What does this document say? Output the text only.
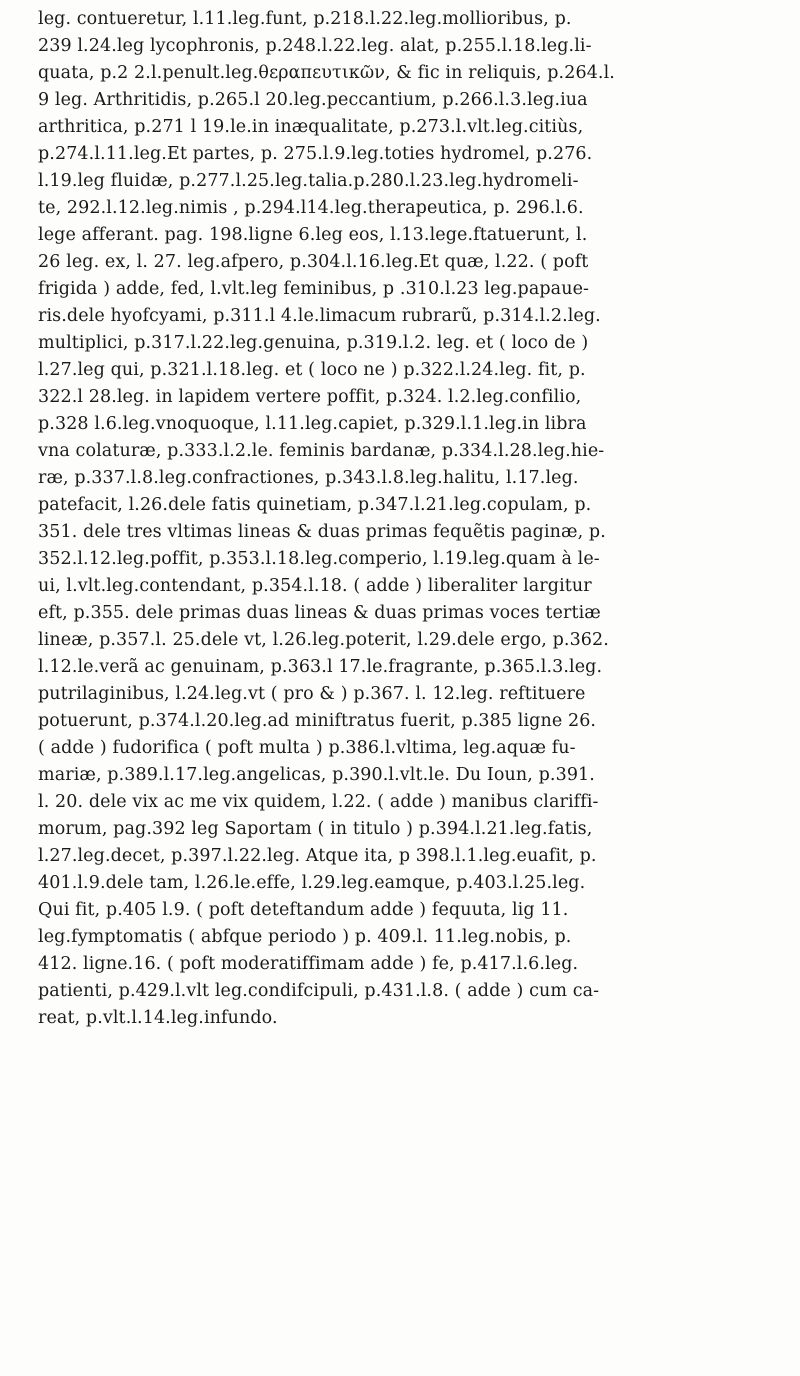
leg. contueretur, l.11.leg.funt, p.218.l.22.leg.mollioribus, p.
239 l.24.leg lycophronis, p.248.l.22.leg. alat, p.255.l.18.leg.li-
quata, p.2 2.l.penult.leg.θεραπευτικῶν, & fic in reliquis, p.264.l.
9 leg. Arthritidis, p.265.l 20.leg.peccantium, p.266.l.3.leg.iua
arthritica, p.271 l 19.le.in inæqualitate, p.273.l.vlt.leg.citiùs,
p.274.l.11.leg.Et partes, p. 275.l.9.leg.toties hydromel, p.276.
l.19.leg fluidæ, p.277.l.25.leg.talia.p.280.l.23.leg.hydromeli-
te, 292.l.12.leg.nimis , p.294.l14.leg.therapeutica, p. 296.l.6.
lege afferant. pag. 198.ligne 6.leg eos, l.13.lege.ftatuerunt, l.
26 leg. ex, l. 27. leg.afpero, p.304.l.16.leg.Et quæ, l.22. ( poft
frigida ) adde, fed, l.vlt.leg feminibus, p .310.l.23 leg.papaue-
ris.dele hyofcyami, p.311.l 4.le.limacum rubrarũ, p.314.l.2.leg.
multiplici, p.317.l.22.leg.genuina, p.319.l.2. leg. et ( loco de )
l.27.leg qui, p.321.l.18.leg. et ( loco ne ) p.322.l.24.leg. fit, p.
322.l 28.leg. in lapidem vertere poffit, p.324. l.2.leg.confilio,
p.328 l.6.leg.vnoquoque, l.11.leg.capiet, p.329.l.1.leg.in libra
vna colaturæ, p.333.l.2.le. feminis bardanæ, p.334.l.28.leg.hie-
ræ, p.337.l.8.leg.confractiones, p.343.l.8.leg.halitu, l.17.leg.
patefacit, l.26.dele fatis quinetiam, p.347.l.21.leg.copulam, p.
351. dele tres vltimas lineas & duas primas fequẽtis paginæ, p.
352.l.12.leg.poffit, p.353.l.18.leg.comperio, l.19.leg.quam à le-
ui, l.vlt.leg.contendant, p.354.l.18. ( adde ) liberaliter largitur
eft, p.355. dele primas duas lineas & duas primas voces tertiæ
lineæ, p.357.l. 25.dele vt, l.26.leg.poterit, l.29.dele ergo, p.362.
l.12.le.verã ac genuinam, p.363.l 17.le.fragrante, p.365.l.3.leg.
putrilaginibus, l.24.leg.vt ( pro & ) p.367. l. 12.leg. reftituere
potuerunt, p.374.l.20.leg.ad miniftratus fuerit, p.385 ligne 26.
( adde ) fudorifica ( poft multa ) p.386.l.vltima, leg.aquæ fu-
mariæ, p.389.l.17.leg.angelicas, p.390.l.vlt.le. Du Ioun, p.391.
l. 20. dele vix ac me vix quidem, l.22. ( adde ) manibus clariffi-
morum, pag.392 leg Saportam ( in titulo ) p.394.l.21.leg.fatis,
l.27.leg.decet, p.397.l.22.leg. Atque ita, p 398.l.1.leg.euafit, p.
401.l.9.dele tam, l.26.le.effe, l.29.leg.eamque, p.403.l.25.leg.
Qui fit, p.405 l.9. ( poft deteftandum adde ) fequuta, lig 11.
leg.fymptomatis ( abfque periodo ) p. 409.l. 11.leg.nobis, p.
412. ligne.16. ( poft moderatiffimam adde ) fe, p.417.l.6.leg.
patienti, p.429.l.vlt leg.condifcipuli, p.431.l.8. ( adde ) cum ca-
reat, p.vlt.l.14.leg.infundo.
